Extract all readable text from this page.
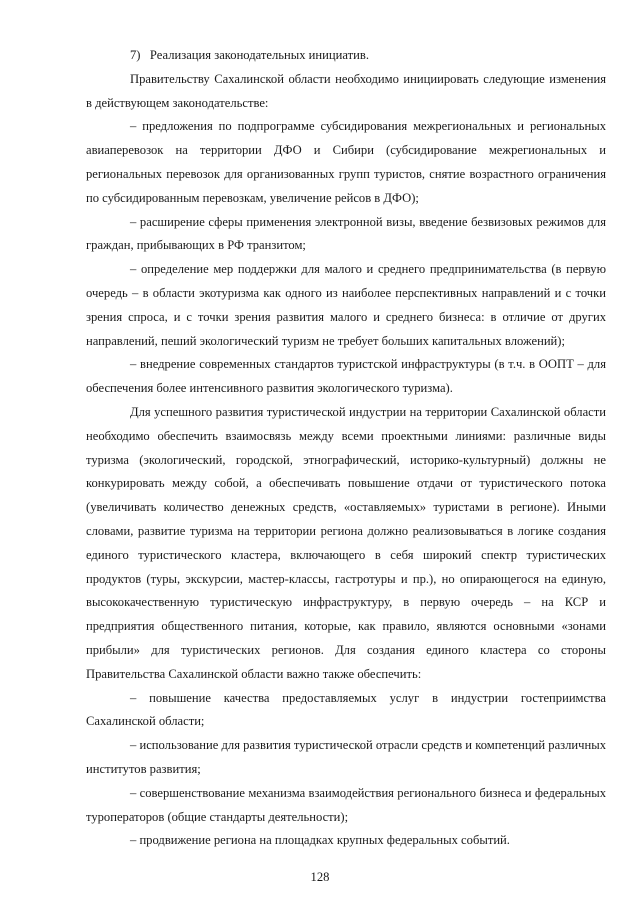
7)   Реализация законодательных инициатив.

Правительству Сахалинской области необходимо инициировать следующие изменения в действующем законодательстве:

– предложения по подпрограмме субсидирования межрегиональных и региональных авиаперевозок на территории ДФО и Сибири (субсидирование межрегиональных и региональных перевозок для организованных групп туристов, снятие возрастного ограничения по субсидированным перевозкам, увеличение рейсов в ДФО);

– расширение сферы применения электронной визы, введение безвизовых режимов для граждан, прибывающих в РФ транзитом;

– определение мер поддержки для малого и среднего предпринимательства (в первую очередь – в области экотуризма как одного из наиболее перспективных направлений и с точки зрения спроса, и с точки зрения развития малого и среднего бизнеса: в отличие от других направлений, пеший экологический туризм не требует больших капитальных вложений);

– внедрение современных стандартов туристской инфраструктуры (в т.ч. в ООПТ – для обеспечения более интенсивного развития экологического туризма).

Для успешного развития туристической индустрии на территории Сахалинской области необходимо обеспечить взаимосвязь между всеми проектными линиями: различные виды туризма (экологический, городской, этнографический, историко-культурный) должны не конкурировать между собой, а обеспечивать повышение отдачи от туристического потока (увеличивать количество денежных средств, «оставляемых» туристами в регионе). Иными словами, развитие туризма на территории региона должно реализовываться в логике создания единого туристического кластера, включающего в себя широкий спектр туристических продуктов (туры, экскурсии, мастер-классы, гастротуры и пр.), но опирающегося на единую, высококачественную туристическую инфраструктуру, в первую очередь – на КСР и предприятия общественного питания, которые, как правило, являются основными «зонами прибыли» для туристических регионов. Для создания единого кластера со стороны Правительства Сахалинской области важно также обеспечить:

– повышение качества предоставляемых услуг в индустрии гостеприимства Сахалинской области;

– использование для развития туристической отрасли средств и компетенций различных институтов развития;

– совершенствование механизма взаимодействия регионального бизнеса и федеральных туроператоров (общие стандарты деятельности);

– продвижение региона на площадках крупных федеральных событий.

128
